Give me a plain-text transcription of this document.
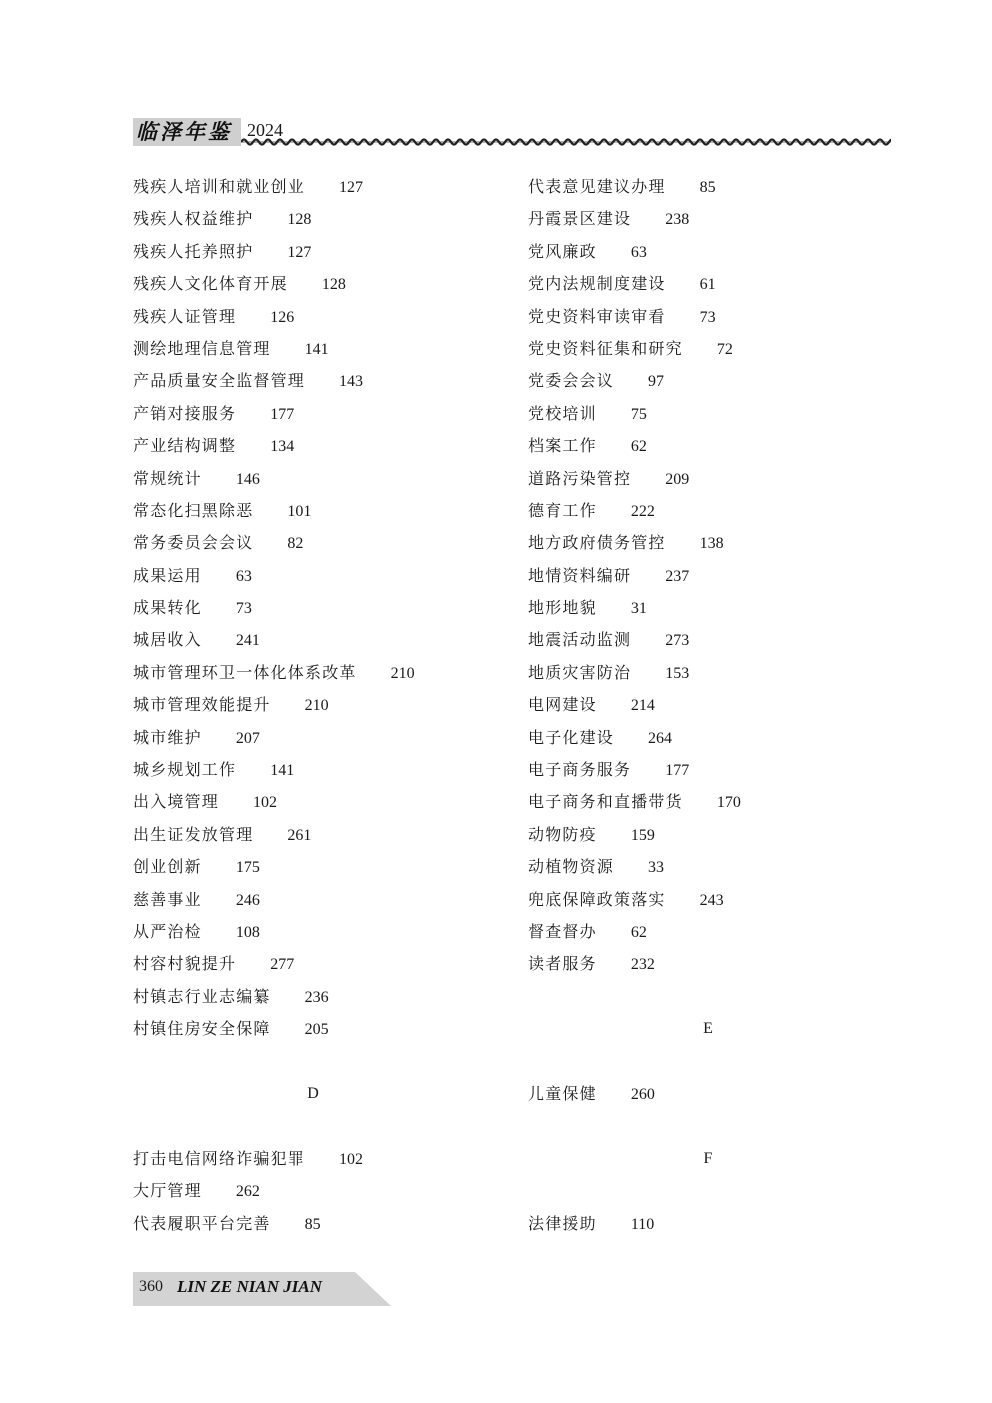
临泽年鉴 2024
残疾人培训和就业创业 127
残疾人权益维护 128
残疾人托养照护 127
残疾人文化体育开展 128
残疾人证管理 126
测绘地理信息管理 141
产品质量安全监督管理 143
产销对接服务 177
产业结构调整 134
常规统计 146
常态化扫黑除恶 101
常务委员会会议 82
成果运用 63
成果转化 73
城居收入 241
城市管理环卫一体化体系改革 210
城市管理效能提升 210
城市维护 207
城乡规划工作 141
出入境管理 102
出生证发放管理 261
创业创新 175
慈善事业 246
从严治检 108
村容村貌提升 277
村镇志行业志编纂 236
村镇住房安全保障 205
D
打击电信网络诈骗犯罪 102
大厅管理 262
代表履职平台完善 85
代表意见建议办理 85
丹霞景区建设 238
党风廉政 63
党内法规制度建设 61
党史资料审读审看 73
党史资料征集和研究 72
党委会会议 97
党校培训 75
档案工作 62
道路污染管控 209
德育工作 222
地方政府债务管控 138
地情资料编研 237
地形地貌 31
地震活动监测 273
地质灾害防治 153
电网建设 214
电子化建设 264
电子商务服务 177
电子商务和直播带货 170
动物防疫 159
动植物资源 33
兜底保障政策落实 243
督查督办 62
读者服务 232
E
儿童保健 260
F
法律援助 110
360 LIN ZE NIAN JIAN
